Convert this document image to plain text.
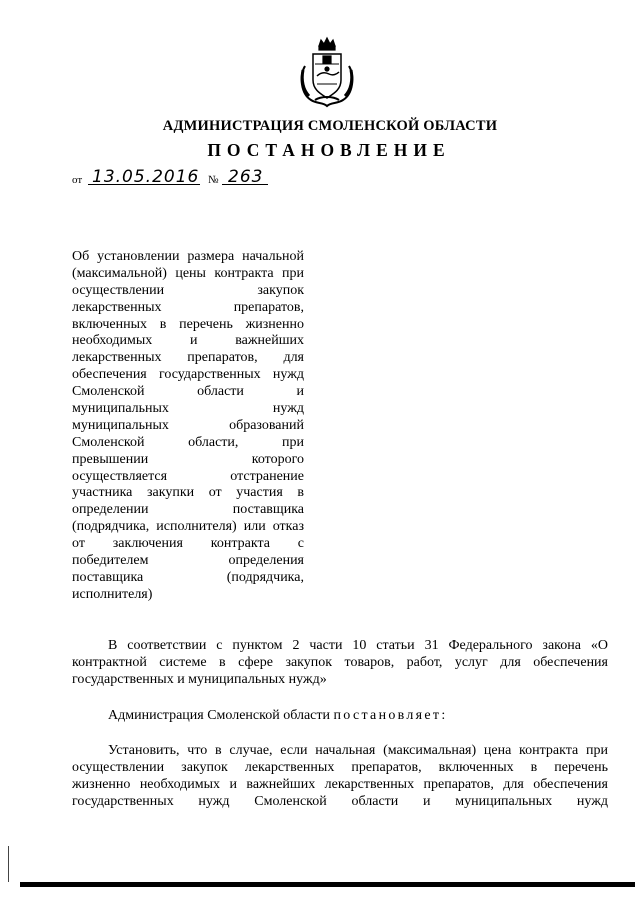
АДМИНИСТРАЦИЯ СМОЛЕНСКОЙ ОБЛАСТИ
ПОСТАНОВЛЕНИЕ
от 13.05.2016 № 263
Об установлении размера начальной
(максимальной) цены контракта при
осуществлении закупок
лекарственных препаратов,
включенных в перечень жизненно
необходимых и важнейших
лекарственных препаратов, для
обеспечения государственных нужд
Смоленской области и
муниципальных нужд
муниципальных образований
Смоленской области, при
превышении которого
осуществляется отстранение
участника закупки от участия в
определении поставщика
(подрядчика, исполнителя) или отказ
от заключения контракта с
победителем определения
поставщика (подрядчика,
исполнителя)
В соответствии с пунктом 2 части 10 статьи 31 Федерального закона «О
контрактной системе в сфере закупок товаров, работ, услуг для обеспечения
государственных и муниципальных нужд»
Администрация Смоленской области постановляет:
Установить, что в случае, если начальная (максимальная) цена контракта при
осуществлении закупок лекарственных препаратов, включенных в перечень
жизненно необходимых и важнейших лекарственных препаратов, для обеспечения
государственных нужд Смоленской области и муниципальных нужд
